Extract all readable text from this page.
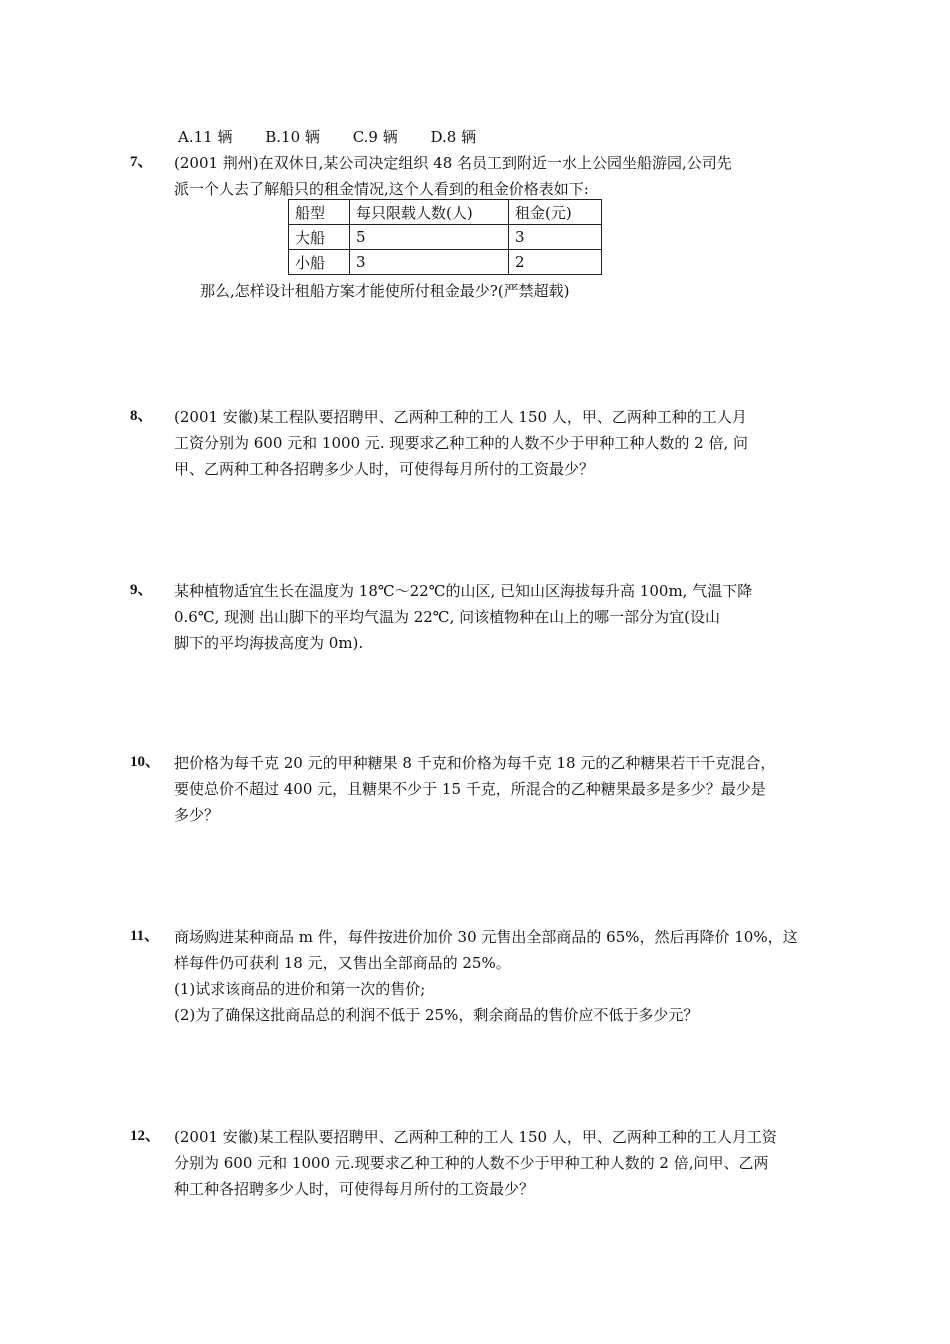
A.11 辆 B.10 辆 C.9 辆 D.8 辆
7、 (2001 荆州)在双休日,某公司决定组织 48 名员工到附近一水上公园坐船游园,公司先

派一个人去了解船只的租金情况,这个人看到的租金价格表如下:

船型	每只限载人数(人)	租金(元)
大船	5	3
小船	3	2
那么,怎样设计租船方案才能使所付租金最少?(严禁超载)
8、 (2001 安徽)某工程队要招聘甲、乙两种工种的工人 150 人，甲、乙两种工种的工人月

工资分别为 600 元和 1000 元. 现要求乙种工种的人数不少于甲种工种人数的 2 倍, 问

甲、乙两种工种各招聘多少人时，可使得每月所付的工资最少？

9、 某种植物适宜生长在温度为 18℃～22℃的山区, 已知山区海拔每升高 100m, 气温下降

0.6℃, 现测 出山脚下的平均气温为 22℃, 问该植物种在山上的哪一部分为宜(设山

脚下的平均海拔高度为 0m).

10、 把价格为每千克 20 元的甲种糖果 8 千克和价格为每千克 18 元的乙种糖果若干千克混合，

要使总价不超过 400 元，且糖果不少于 15 千克，所混合的乙种糖果最多是多少？最少是

多少？

11、 商场购进某种商品 m 件，每件按进价加价 30 元售出全部商品的 65%，然后再降价 10%，这

样每件仍可获利 18 元，又售出全部商品的 25%。

(1)试求该商品的进价和第一次的售价;

(2)为了确保这批商品总的利润不低于 25%，剩余商品的售价应不低于多少元？

12、 (2001 安徽)某工程队要招聘甲、乙两种工种的工人 150 人，甲、乙两种工种的工人月工资

分别为 600 元和 1000 元.现要求乙种工种的人数不少于甲种工种人数的 2 倍,问甲、乙两

种工种各招聘多少人时，可使得每月所付的工资最少？
